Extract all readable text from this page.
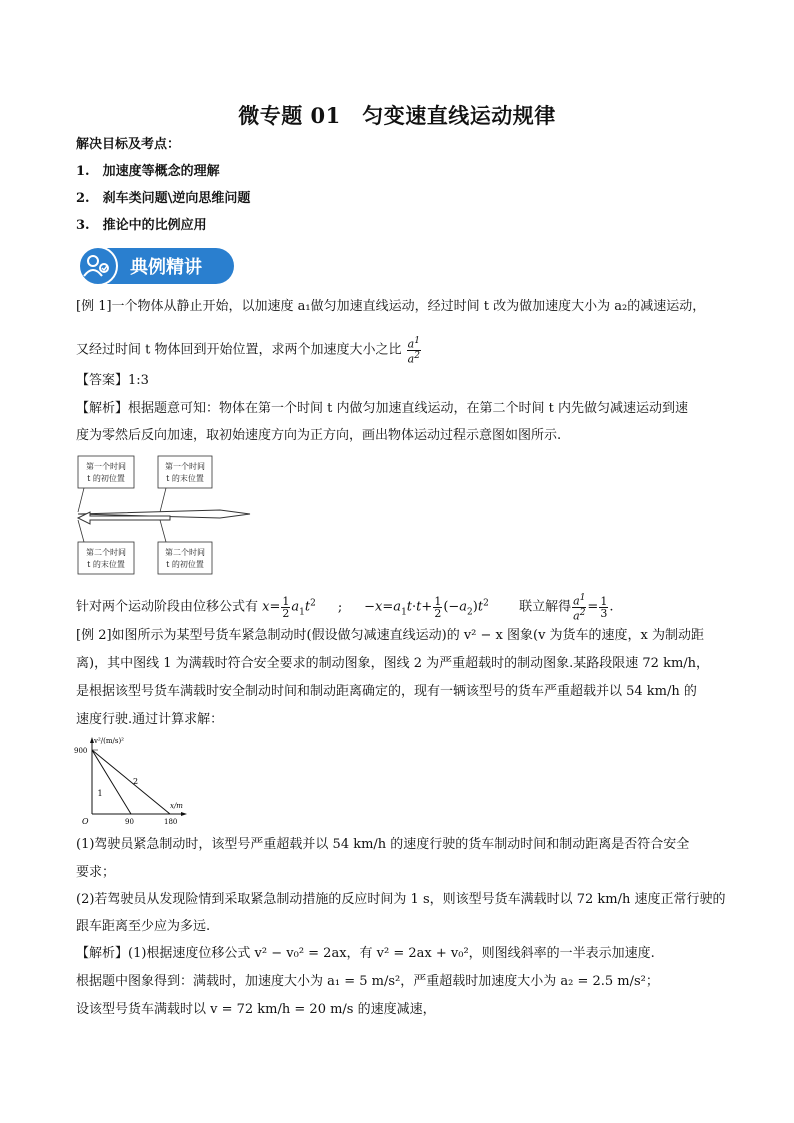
微专题 01　匀变速直线运动规律
解决目标及考点：
1.　加速度等概念的理解
2.　刹车类问题\逆向思维问题
3.　推论中的比例应用
典例精讲
[例 1]一个物体从静止开始，以加速度 a₁做匀加速直线运动，经过时间 t 改为做加速度大小为 a₂的减速运动，
又经过时间 t 物体回到开始位置，求两个加速度大小之比 $\frac{a^1}{a^2}$
【答案】1:3
【解析】根据题意可知：物体在第一个时间 t 内做匀加速直线运动，在第二个时间 t 内先做匀减速运动到速
度为零然后反向加速，取初始速度方向为正方向，画出物体运动过程示意图如图所示.
第一个时间
t 的初位置
第一个时间
t 的末位置
第二个时间
t 的末位置
第二个时间
t 的初位置
针对两个运动阶段由位移公式有 $x= \frac{1}{2} a_1t^2$ ; $-x=a_1t\cdot t+ \frac{1}{2} (-a_2)t^2$ 联立解得 $\frac{a^1}{a^2} = \frac{1}{3}$ .
[例 2]如图所示为某型号货车紧急制动时(假设做匀减速直线运动)的 v² − x 图象(v 为货车的速度，x 为制动距
离)，其中图线 1 为满载时符合安全要求的制动图象，图线 2 为严重超载时的制动图象.某路段限速 72 km/h，
是根据该型号货车满载时安全制动时间和制动距离确定的，现有一辆该型号的货车严重超载并以 54 km/h 的
速度行驶.通过计算求解：
v²/(m/s)²
x/m
O
1
2
90	180
900
(1)驾驶员紧急制动时，该型号严重超载并以 54 km/h 的速度行驶的货车制动时间和制动距离是否符合安全
要求；
(2)若驾驶员从发现险情到采取紧急制动措施的反应时间为 1 s，则该型号货车满载时以 72 km/h 速度正常行驶的
跟车距离至少应为多远.
【解析】(1)根据速度位移公式 v² − v₀² = 2ax，有 v² = 2ax + v₀²，则图线斜率的一半表示加速度.
根据题中图象得到：满载时，加速度大小为 a₁ = 5 m/s²，严重超载时加速度大小为 a₂ = 2.5 m/s²；
设该型号货车满载时以 v = 72 km/h = 20 m/s 的速度减速，
